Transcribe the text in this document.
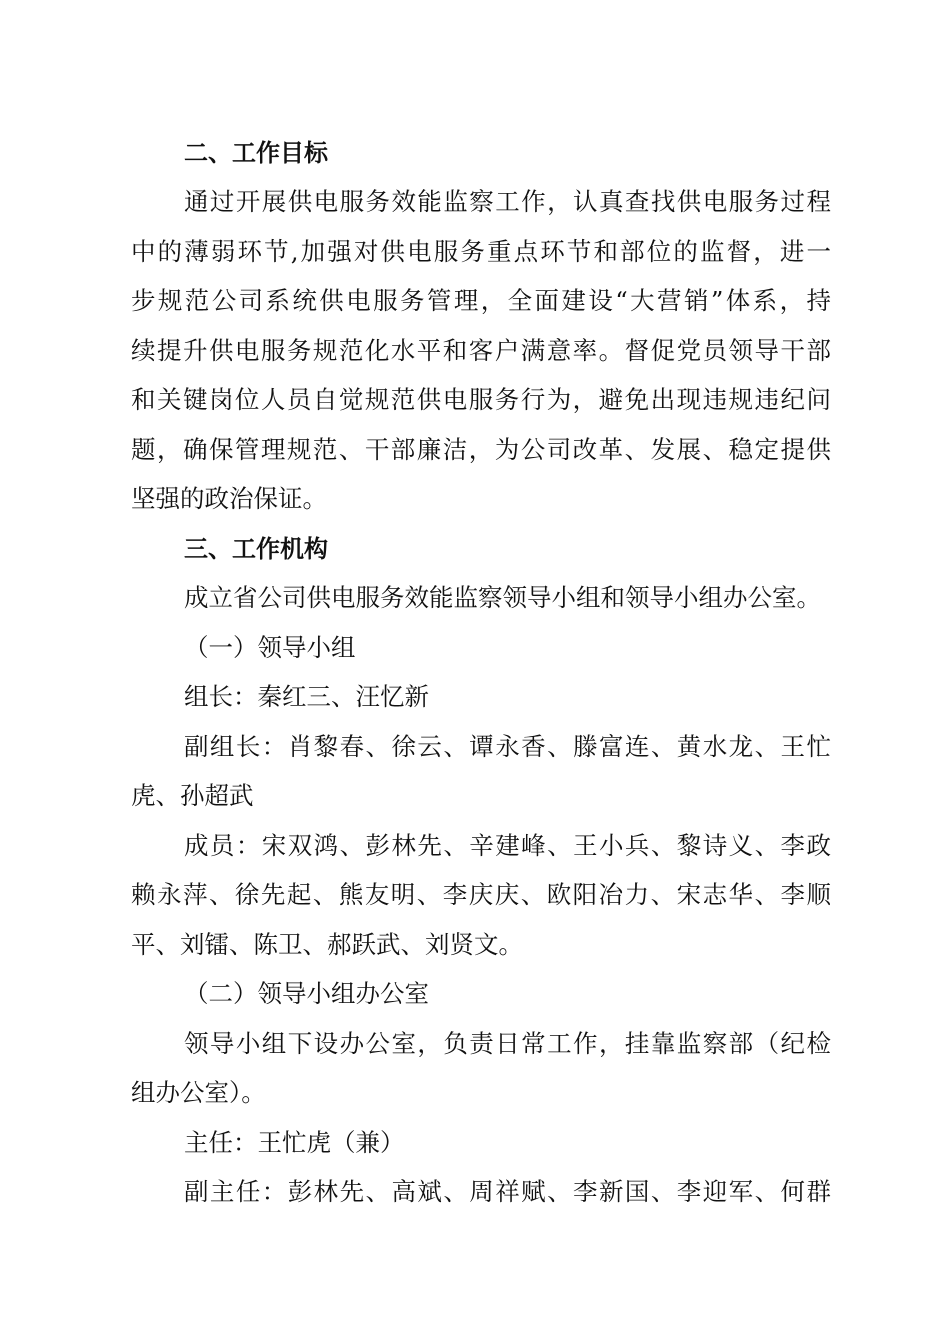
二、工作目标
通过开展供电服务效能监察工作，认真查找供电服务过程
中的薄弱环节,加强对供电服务重点环节和部位的监督，进一
步规范公司系统供电服务管理，全面建设“大营销”体系，持
续提升供电服务规范化水平和客户满意率。督促党员领导干部
和关键岗位人员自觉规范供电服务行为，避免出现违规违纪问
题，确保管理规范、干部廉洁，为公司改革、发展、稳定提供
坚强的政治保证。
三、工作机构
成立省公司供电服务效能监察领导小组和领导小组办公室。
（一）领导小组
组长：秦红三、汪忆新
副组长：肖黎春、徐云、谭永香、滕富连、黄水龙、王忙
虎、孙超武
成员：宋双鸿、彭林先、辛建峰、王小兵、黎诗义、李政
赖永萍、徐先起、熊友明、李庆庆、欧阳冶力、宋志华、李顺
平、刘镭、陈卫、郝跃武、刘贤文。
（二）领导小组办公室
领导小组下设办公室，负责日常工作，挂靠监察部（纪检
组办公室）。
主任：王忙虎（兼）
副主任：彭林先、高斌、周祥赋、李新国、李迎军、何群
